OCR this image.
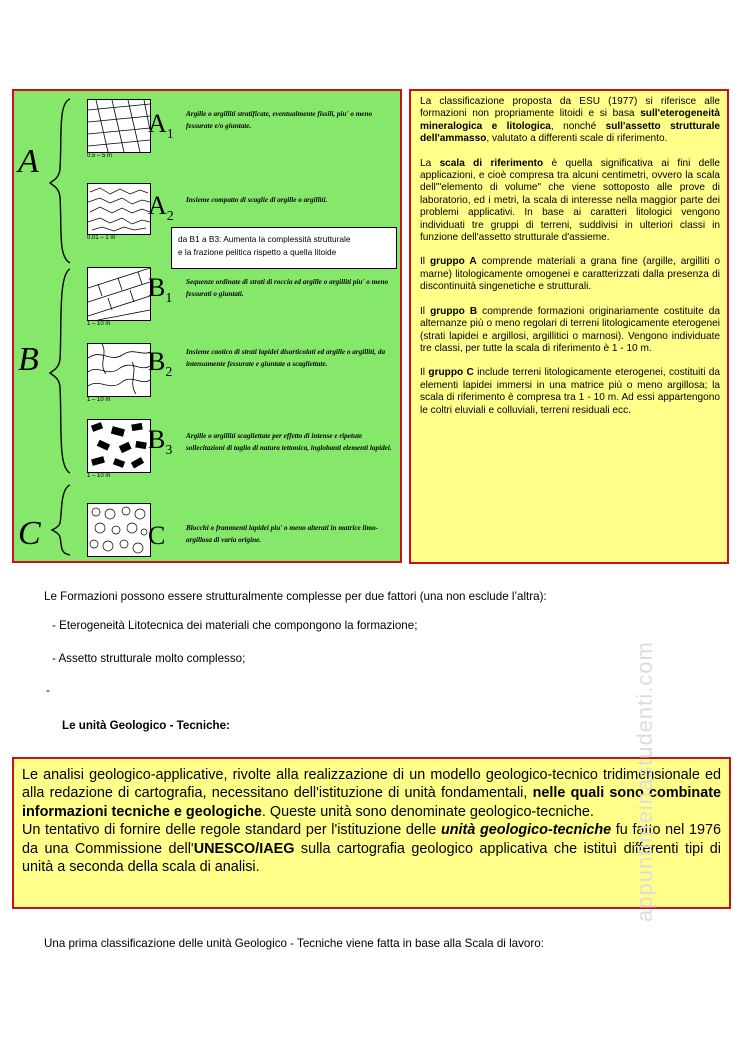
A
B
C
0.5 – 5 m
$A_1$
Argille o argilliti stratificate, eventualmente fissili, piu' o meno fessurate e/o giuntate.
0.01 – 1 m
$A_2$
Insieme compatto di scaglie di argille o argilliti.
da B1 a B3: Aumenta la complessità strutturale
e la frazione pelitica rispetto a quella litoide
1 – 10 m
$B_1$
Sequenze ordinate di strati di roccia ed argille o argilliti piu' o meno fessurati o giuntati.
1 – 10 m
$B_2$
Insieme caotico di strati lapidei disarticolati ed argille o argilliti, da intensamente fessurate e giuntate a scagliettate.
1 – 10 m
$B_3$
Argille o argilliti scagliettate per effetto di intense e ripetute sollecitazioni di taglio di natura tettonica, inglobanti elementi lapidei.
C	Blocchi o frammenti lapidei piu' o meno alterati in matrice limo-argillosa di varia origine.

La classificazione proposta da ESU (1977) si riferisce alle formazioni non propriamente litoidi e si basa sull'eterogeneità mineralogica e litologica, nonché sull'assetto strutturale dell'ammasso, valutato a differenti scale di riferimento.

La scala di riferimento è quella significativa ai fini delle applicazioni, e cioè compresa tra alcuni centimetri, ovvero la scala dell'"elemento di volume" che viene sottoposto alle prove di laboratorio, ed i metri, la scala di interesse nella maggior parte dei problemi applicativi. In base ai caratteri litologici vengono individuati tre gruppi di terreni, suddivisi in ulteriori classi in funzione dell'assetto strutturale d'assieme.

Il gruppo A comprende materiali a grana fine (argille, argilliti o marne) litologicamente omogenei e caratterizzati dalla presenza di discontinuità singenetiche e strutturali.

Il gruppo B comprende formazioni originariamente costituite da alternanze più o meno regolari di terreni litologicamente eterogenei (strati lapidei e argillosi, argillitici o marnosi). Vengono individuate tre classi, per tutte la scala di riferimento è 1 - 10 m.

Il gruppo C include terreni litologicamente eterogenei, costituiti da elementi lapidei immersi in una matrice più o meno argillosa; la scala di riferimento è compresa tra 1 - 10 m. Ad essi appartengono le coltri eluviali e colluviali, terreni residuali ecc.

Le Formazioni possono essere strutturalmente complesse per due fattori (una non esclude l’altra):
- Eterogeneità Litotecnica dei materiali che compongono la formazione;
- Assetto strutturale molto complesso;
-
Le unità Geologico - Tecniche:
Le analisi geologico-applicative, rivolte alla realizzazione di un modello geologico-tecnico tridimensionale ed alla redazione di cartografia, necessitano dell'istituzione di unità fondamentali, nelle quali sono combinate informazioni tecniche e geologiche. Queste unità sono denominate geologico-tecniche.
Un tentativo di fornire delle regole standard per l'istituzione delle unità geologico-tecniche fu fatto nel 1976 da una Commissione dell'UNESCO/IAEG sulla cartografia geologico applicativa che istituì differenti tipi di unità a seconda della scala di analisi.
Una prima classificazione delle unità Geologico - Tecniche viene fatta in base alla Scala di lavoro:
appuntimeinastudenti.com
